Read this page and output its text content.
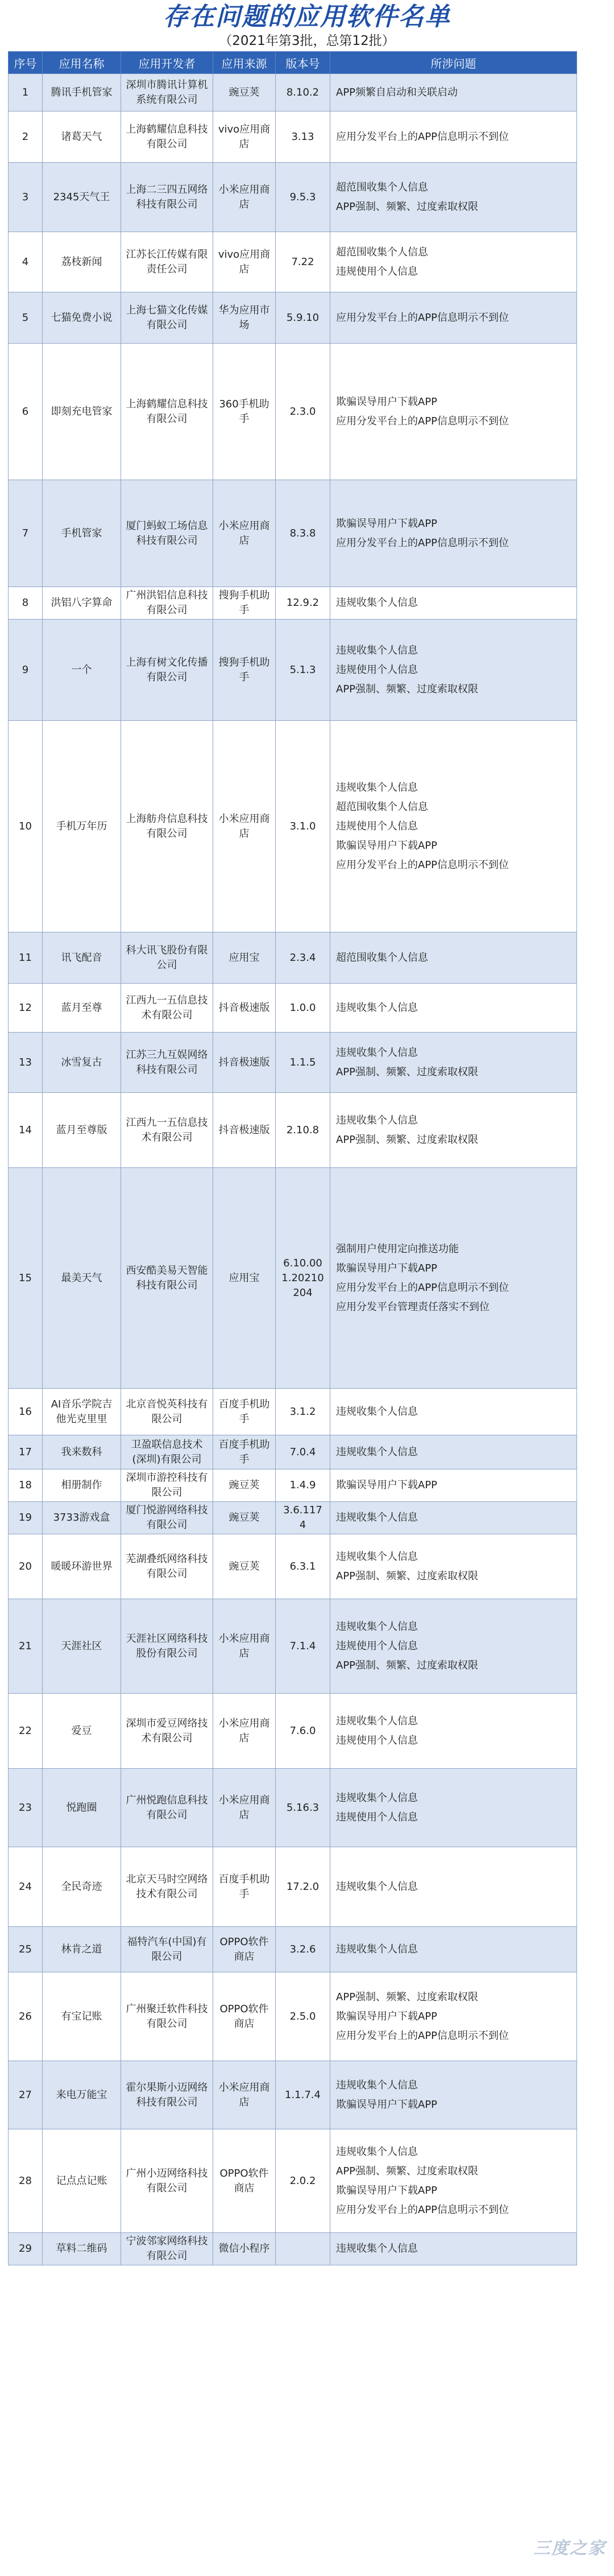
存在问题的应用软件名单
（2021年第3批，总第12批）
序号	应用名称	应用开发者	应用来源	版本号	所涉问题
1	腾讯手机管家	深圳市腾讯计算机系统有限公司	豌豆荚	8.10.2	APP频繁自启动和关联启动

2	诸葛天气	上海鹤耀信息科技有限公司	vivo应用商店	3.13	应用分发平台上的APP信息明示不到位

3	2345天气王	上海二三四五网络科技有限公司	小米应用商店	9.5.3	超范围收集个人信息
APP强制、频繁、过度索取权限

4	荔枝新闻	江苏长江传媒有限责任公司	vivo应用商店	7.22	超范围收集个人信息
违规使用个人信息

5	七猫免费小说	上海七猫文化传媒有限公司	华为应用市场	5.9.10	应用分发平台上的APP信息明示不到位

6	即刻充电管家	上海鹤耀信息科技有限公司	360手机助手	2.3.0	欺骗误导用户下载APP
应用分发平台上的APP信息明示不到位

7	手机管家	厦门蚂蚁工场信息科技有限公司	小米应用商店	8.3.8	欺骗误导用户下载APP
应用分发平台上的APP信息明示不到位

8	洪铝八字算命	广州洪铝信息科技有限公司	搜狗手机助手	12.9.2	违规收集个人信息

9	一个	上海有树文化传播有限公司	搜狗手机助手	5.1.3	违规收集个人信息
违规使用个人信息
APP强制、频繁、过度索取权限

10	手机万年历	上海舫舟信息科技有限公司	小米应用商店	3.1.0	违规收集个人信息
超范围收集个人信息
违规使用个人信息
欺骗误导用户下载APP
应用分发平台上的APP信息明示不到位

11	讯飞配音	科大讯飞股份有限公司	应用宝	2.3.4	超范围收集个人信息

12	蓝月至尊	江西九一五信息技术有限公司	抖音极速版	1.0.0	违规收集个人信息

13	冰雪复古	江苏三九互娱网络科技有限公司	抖音极速版	1.1.5	违规收集个人信息
APP强制、频繁、过度索取权限

14	蓝月至尊版	江西九一五信息技术有限公司	抖音极速版	2.10.8	违规收集个人信息
APP强制、频繁、过度索取权限

15	最美天气	西安酷美易天智能科技有限公司	应用宝	6.10.001.20210204	强制用户使用定向推送功能
欺骗误导用户下载APP
应用分发平台上的APP信息明示不到位
应用分发平台管理责任落实不到位

16	AI音乐学院吉他光克里里	北京音悦英科技有限公司	百度手机助手	3.1.2	违规收集个人信息

17	我来数科	卫盈联信息技术(深圳)有限公司	百度手机助手	7.0.4	违规收集个人信息

18	相册制作	深圳市游控科技有限公司	豌豆荚	1.4.9	欺骗误导用户下载APP

19	3733游戏盒	厦门悦游网络科技有限公司	豌豆荚	3.6.1174	违规收集个人信息

20	暖暖环游世界	芜湖叠纸网络科技有限公司	豌豆荚	6.3.1	违规收集个人信息
APP强制、频繁、过度索取权限

21	天涯社区	天涯社区网络科技股份有限公司	小米应用商店	7.1.4	违规收集个人信息
违规使用个人信息
APP强制、频繁、过度索取权限

22	爱豆	深圳市爱豆网络技术有限公司	小米应用商店	7.6.0	违规收集个人信息
违规使用个人信息

23	悦跑圈	广州悦跑信息科技有限公司	小米应用商店	5.16.3	违规收集个人信息
违规使用个人信息

24	全民奇迹	北京天马时空网络技术有限公司	百度手机助手	17.2.0	违规收集个人信息

25	林肯之道	福特汽车(中国)有限公司	OPPO软件商店	3.2.6	违规收集个人信息

26	有宝记账	广州聚迁软件科技有限公司	OPPO软件商店	2.5.0	APP强制、频繁、过度索取权限
欺骗误导用户下载APP
应用分发平台上的APP信息明示不到位

27	来电万能宝	霍尔果斯小迈网络科技有限公司	小米应用商店	1.1.7.4	违规收集个人信息
欺骗误导用户下载APP

28	记点点记账	广州小迈网络科技有限公司	OPPO软件商店	2.0.2	违规收集个人信息
APP强制、频繁、过度索取权限
欺骗误导用户下载APP
应用分发平台上的APP信息明示不到位

29	草料二维码	宁波邻家网络科技有限公司	微信小程序		违规收集个人信息
三度之家
